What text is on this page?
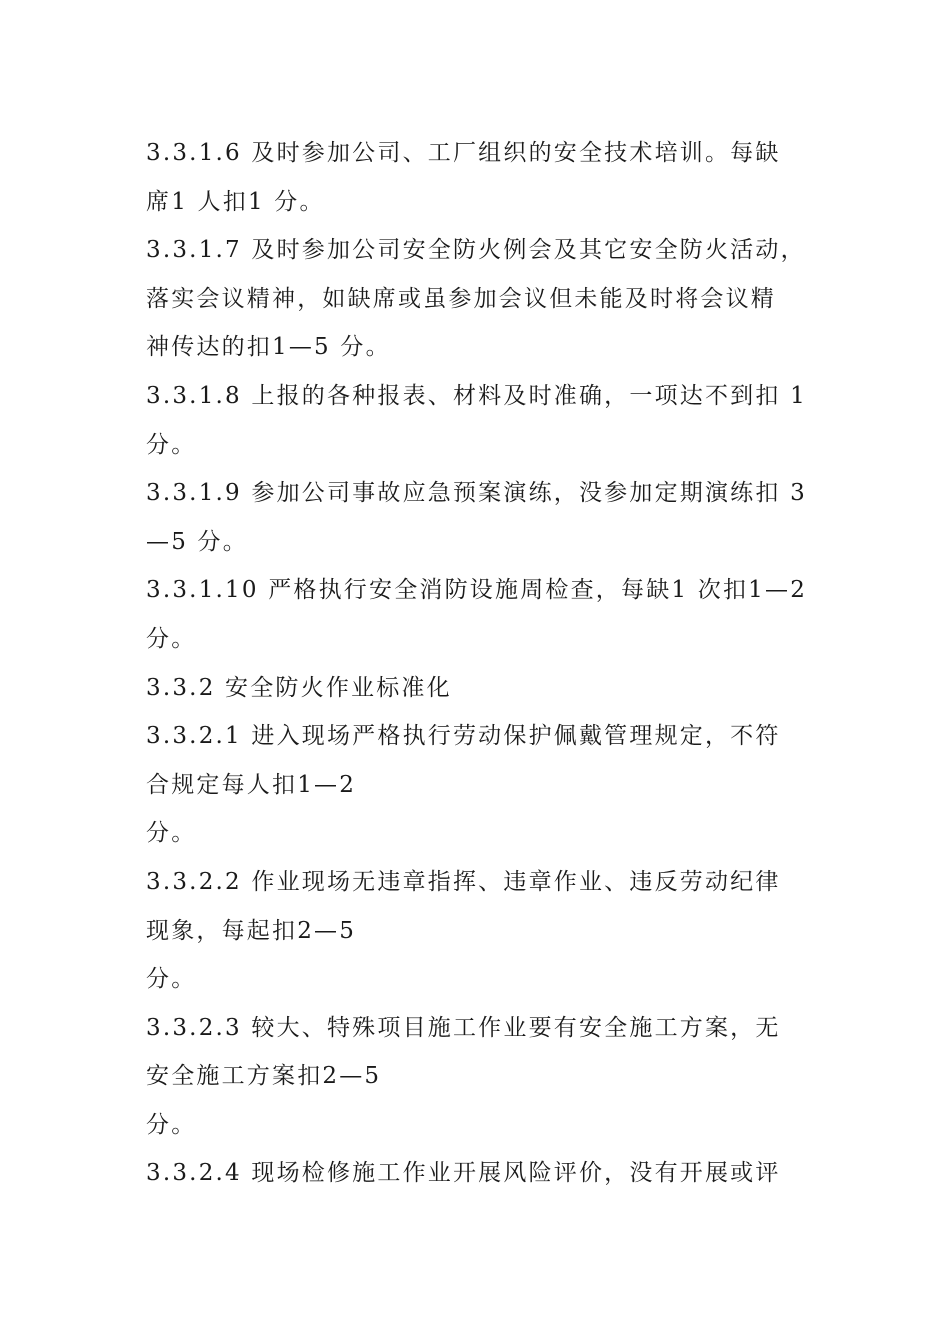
3.3.1.6 及时参加公司、工厂组织的安全技术培训。每缺
席1 人扣1 分。
3.3.1.7 及时参加公司安全防火例会及其它安全防火活动，
落实会议精神，如缺席或虽参加会议但未能及时将会议精
神传达的扣1—5 分。
3.3.1.8 上报的各种报表、材料及时准确，一项达不到扣 1
分。
3.3.1.9 参加公司事故应急预案演练，没参加定期演练扣 3
—5 分。
3.3.1.10 严格执行安全消防设施周检查，每缺1 次扣1—2
分。
3.3.2 安全防火作业标准化
3.3.2.1 进入现场严格执行劳动保护佩戴管理规定，不符
合规定每人扣1—2
分。
3.3.2.2 作业现场无违章指挥、违章作业、违反劳动纪律
现象，每起扣2—5
分。
3.3.2.3 较大、特殊项目施工作业要有安全施工方案，无
安全施工方案扣2—5
分。
3.3.2.4 现场检修施工作业开展风险评价，没有开展或评
